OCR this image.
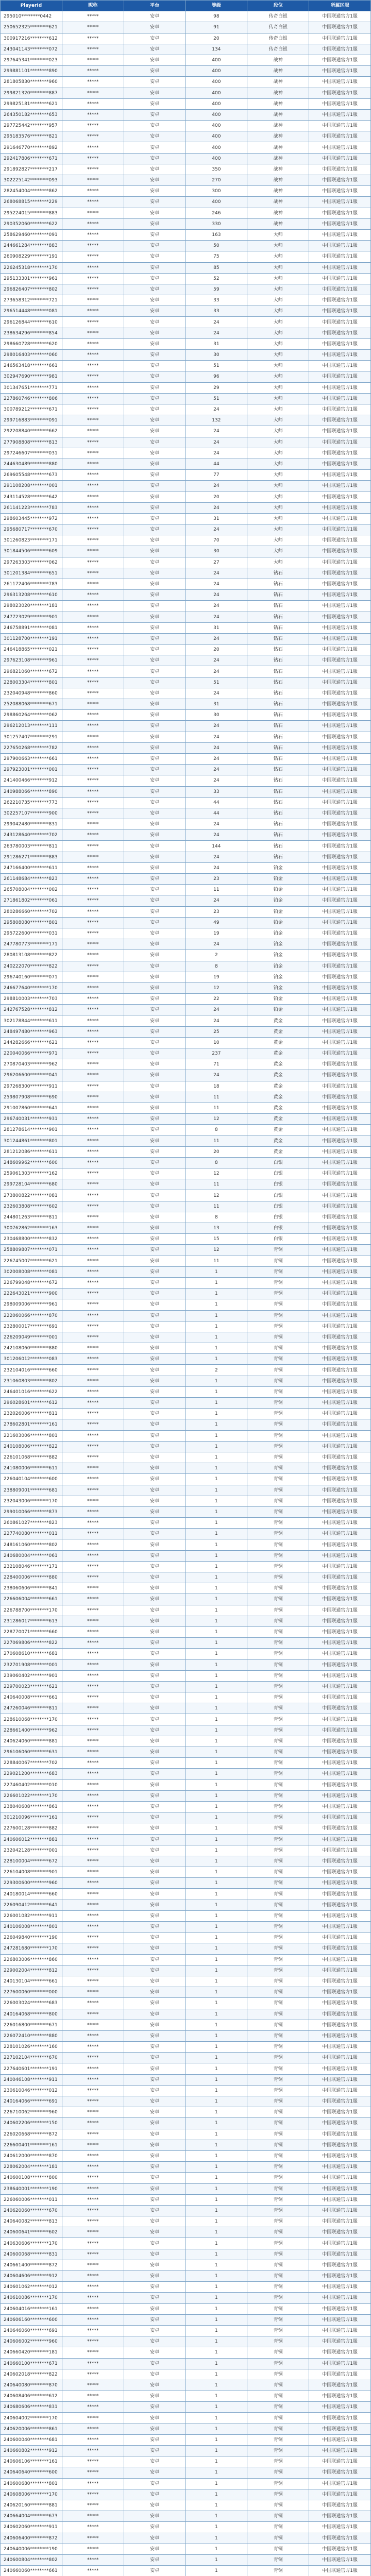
PlayerId	昵称	平台	等级	段位	所属区服
295010********0442	*****	安卓	98	传奇白银	中国联通官方1服
250652325********621	*****	安卓	91	传奇白银	中国联通官方1服
300917216********612	*****	安卓	20	传奇白银	中国联通官方1服
243041143********072	*****	安卓	134	传奇白银	中国联通官方1服
297645341********023	*****	安卓	400	战神	中国联通官方1服
299881101********890	*****	安卓	400	战神	中国联通官方1服
281805830********960	*****	安卓	400	战神	中国联通官方1服
299821320********887	*****	安卓	400	战神	中国联通官方1服
299825181********621	*****	安卓	400	战神	中国联通官方1服
264350182********653	*****	安卓	400	战神	中国联通官方1服
297725442********957	*****	安卓	400	战神	中国联通官方1服
295183576********821	*****	安卓	400	战神	中国联通官方1服
291646770********892	*****	安卓	400	战神	中国联通官方1服
292417806********671	*****	安卓	400	战神	中国联通官方1服
291892827********217	*****	安卓	350	战神	中国联通官方1服
302225142********093	*****	安卓	270	战神	中国联通官方1服
282454004********862	*****	安卓	300	战神	中国联通官方1服
268068815********229	*****	安卓	400	战神	中国联通官方1服
295224015********883	*****	安卓	246	战神	中国联通官方1服
290352060********622	*****	安卓	330	战神	中国联通官方1服
258629460********091	*****	安卓	163	大师	中国联通官方1服
244661284********883	*****	安卓	50	大师	中国联通官方1服
260908229********191	*****	安卓	75	大师	中国联通官方1服
226245318********170	*****	安卓	85	大师	中国联通官方1服
295133301********961	*****	安卓	52	大师	中国联通官方1服
296826407********802	*****	安卓	59	大师	中国联通官方1服
273658312********721	*****	安卓	33	大师	中国联通官方1服
296514448********081	*****	安卓	33	大师	中国联通官方1服
296126844********610	*****	安卓	24	大师	中国联通官方1服
238634296********854	*****	安卓	24	大师	中国联通官方1服
298660728********620	*****	安卓	31	大师	中国联通官方1服
298016403********060	*****	安卓	30	大师	中国联通官方1服
246563418********661	*****	安卓	51	大师	中国联通官方1服
302947690********981	*****	安卓	96	大师	中国联通官方1服
301347651********771	*****	安卓	29	大师	中国联通官方1服
227860746********806	*****	安卓	51	大师	中国联通官方1服
300789212********671	*****	安卓	24	大师	中国联通官方1服
299716883********091	*****	安卓	132	大师	中国联通官方1服
292208840********662	*****	安卓	24	大师	中国联通官方1服
277908808********813	*****	安卓	24	大师	中国联通官方1服
297246607********031	*****	安卓	24	大师	中国联通官方1服
244630489********880	*****	安卓	44	大师	中国联通官方1服
269605548********673	*****	安卓	77	大师	中国联通官方1服
291108208********001	*****	安卓	24	大师	中国联通官方1服
243114528********642	*****	安卓	20	大师	中国联通官方1服
261141223********783	*****	安卓	24	大师	中国联通官方1服
298603445********972	*****	安卓	31	大师	中国联通官方1服
295680717********670	*****	安卓	24	大师	中国联通官方1服
301260823********171	*****	安卓	70	大师	中国联通官方1服
301844506********609	*****	安卓	30	大师	中国联通官方1服
297263303********062	*****	安卓	27	大师	中国联通官方1服
301201384********651	*****	安卓	24	钻石	中国联通官方1服
261172406********783	*****	安卓	24	钻石	中国联通官方1服
296313208********610	*****	安卓	24	钻石	中国联通官方1服
298023020********181	*****	安卓	24	钻石	中国联通官方1服
247723029********901	*****	安卓	24	钻石	中国联通官方1服
246758891********081	*****	安卓	31	钻石	中国联通官方1服
301128700********191	*****	安卓	24	钻石	中国联通官方1服
246418865********021	*****	安卓	20	钻石	中国联通官方1服
297623108********961	*****	安卓	24	钻石	中国联通官方1服
296821060********672	*****	安卓	24	钻石	中国联通官方1服
228003304********801	*****	安卓	51	钻石	中国联通官方1服
232040948********860	*****	安卓	24	钻石	中国联通官方1服
252088068********671	*****	安卓	31	钻石	中国联通官方1服
298860264********062	*****	安卓	30	钻石	中国联通官方1服
296212013********111	*****	安卓	24	钻石	中国联通官方1服
301257407********291	*****	安卓	24	钻石	中国联通官方1服
227650268********782	*****	安卓	24	钻石	中国联通官方1服
297900663********661	*****	安卓	24	钻石	中国联通官方1服
297923001********001	*****	安卓	24	钻石	中国联通官方1服
241400466********912	*****	安卓	24	钻石	中国联通官方1服
240988066********890	*****	安卓	33	钻石	中国联通官方1服
262210735********773	*****	安卓	44	钻石	中国联通官方1服
302257107********900	*****	安卓	44	钻石	中国联通官方1服
299042480********831	*****	安卓	24	钻石	中国联通官方1服
243128640********702	*****	安卓	24	钻石	中国联通官方1服
263780003********811	*****	安卓	144	钻石	中国联通官方1服
291286271********883	*****	安卓	24	钻石	中国联通官方1服
247166400********611	*****	安卓	24	铂金	中国联通官方1服
261148684********823	*****	安卓	23	铂金	中国联通官方1服
265708004********002	*****	安卓	11	铂金	中国联通官方1服
271861802********061	*****	安卓	24	铂金	中国联通官方1服
280286660********702	*****	安卓	23	铂金	中国联通官方1服
295808080********801	*****	安卓	49	铂金	中国联通官方1服
295722600********031	*****	安卓	19	铂金	中国联通官方1服
247780773********171	*****	安卓	24	铂金	中国联通官方1服
280813108********822	*****	安卓	2	铂金	中国联通官方1服
240222070********822	*****	安卓	8	铂金	中国联通官方1服
296740160********071	*****	安卓	19	铂金	中国联通官方1服
246677640********170	*****	安卓	12	铂金	中国联通官方1服
298810003********703	*****	安卓	22	铂金	中国联通官方1服
242767528********812	*****	安卓	24	铂金	中国联通官方1服
302178844********611	*****	安卓	24	黄金	中国联通官方1服
248497480********963	*****	安卓	25	黄金	中国联通官方1服
244282666********621	*****	安卓	10	黄金	中国联通官方1服
220040066********971	*****	安卓	237	黄金	中国联通官方1服
270870403********962	*****	安卓	71	黄金	中国联通官方1服
296206600********041	*****	安卓	24	黄金	中国联通官方1服
297268300********911	*****	安卓	18	黄金	中国联通官方1服
259807908********690	*****	安卓	11	黄金	中国联通官方1服
291007860********641	*****	安卓	11	黄金	中国联通官方1服
296740031********931	*****	安卓	12	黄金	中国联通官方1服
281278614********901	*****	安卓	8	黄金	中国联通官方1服
301244861********801	*****	安卓	11	黄金	中国联通官方1服
281212086********611	*****	安卓	20	黄金	中国联通官方1服
248609962********600	*****	安卓	8	白银	中国联通官方1服
259061303********162	*****	安卓	12	白银	中国联通官方1服
299728104********680	*****	安卓	11	白银	中国联通官方1服
273800822********081	*****	安卓	12	白银	中国联通官方1服
232603808********602	*****	安卓	11	白银	中国联通官方1服
244801263********811	*****	安卓	8	白银	中国联通官方1服
300762862********163	*****	安卓	13	白银	中国联通官方1服
230468800********832	*****	安卓	15	白银	中国联通官方1服
258809807********071	*****	安卓	12	青铜	中国联通官方1服
226745007********621	*****	安卓	11	青铜	中国联通官方1服
302008008********081	*****	安卓	1	青铜	中国联通官方1服
226799048********672	*****	安卓	1	青铜	中国联通官方1服
222643021********900	*****	安卓	1	青铜	中国联通官方1服
298009006********961	*****	安卓	1	青铜	中国联通官方1服
222060066********870	*****	安卓	1	青铜	中国联通官方1服
232800017********691	*****	安卓	1	青铜	中国联通官方1服
226209049********001	*****	安卓	1	青铜	中国联通官方1服
242108060********880	*****	安卓	1	青铜	中国联通官方1服
301206012********083	*****	安卓	1	青铜	中国联通官方1服
232104016********660	*****	安卓	2	青铜	中国联通官方1服
231060803********802	*****	安卓	1	青铜	中国联通官方1服
246401016********622	*****	安卓	1	青铜	中国联通官方1服
296028601********612	*****	安卓	1	青铜	中国联通官方1服
232026006********811	*****	安卓	1	青铜	中国联通官方1服
278602801********161	*****	安卓	1	青铜	中国联通官方1服
221603006********801	*****	安卓	1	青铜	中国联通官方1服
240108006********822	*****	安卓	1	青铜	中国联通官方1服
226101068********882	*****	安卓	1	青铜	中国联通官方1服
241080006********611	*****	安卓	1	青铜	中国联通官方1服
226040104********600	*****	安卓	1	青铜	中国联通官方1服
238809001********681	*****	安卓	1	青铜	中国联通官方1服
232043006********170	*****	安卓	1	青铜	中国联通官方1服
299010066********873	*****	安卓	1	青铜	中国联通官方1服
260861027********823	*****	安卓	1	青铜	中国联通官方1服
227740080********011	*****	安卓	1	青铜	中国联通官方1服
248161060********802	*****	安卓	1	青铜	中国联通官方1服
240680004********061	*****	安卓	1	青铜	中国联通官方1服
232108046********171	*****	安卓	1	青铜	中国联通官方1服
228400006********880	*****	安卓	1	青铜	中国联通官方1服
238060606********841	*****	安卓	1	青铜	中国联通官方1服
226606004********661	*****	安卓	1	青铜	中国联通官方1服
226788700********170	*****	安卓	1	青铜	中国联通官方1服
231286017********613	*****	安卓	1	青铜	中国联通官方1服
228770071********660	*****	安卓	1	青铜	中国联通官方1服
227069806********822	*****	安卓	1	青铜	中国联通官方1服
270608610********681	*****	安卓	1	青铜	中国联通官方1服
232701908********001	*****	安卓	1	青铜	中国联通官方1服
239060402********901	*****	安卓	1	青铜	中国联通官方1服
229700023********621	*****	安卓	1	青铜	中国联通官方1服
240640008********661	*****	安卓	1	青铜	中国联通官方1服
247260046********811	*****	安卓	1	青铜	中国联通官方1服
228610068********170	*****	安卓	1	青铜	中国联通官方1服
228661400********962	*****	安卓	1	青铜	中国联通官方1服
240624060********881	*****	安卓	1	青铜	中国联通官方1服
296106060********631	*****	安卓	1	青铜	中国联通官方1服
228840067********702	*****	安卓	1	青铜	中国联通官方1服
229021200********683	*****	安卓	1	青铜	中国联通官方1服
227460402********010	*****	安卓	1	青铜	中国联通官方1服
226601022********170	*****	安卓	1	青铜	中国联通官方1服
238040608********861	*****	安卓	1	青铜	中国联通官方1服
301210096********161	*****	安卓	1	青铜	中国联通官方1服
227600128********882	*****	安卓	1	青铜	中国联通官方1服
240606012********881	*****	安卓	1	青铜	中国联通官方1服
232042128********001	*****	安卓	1	青铜	中国联通官方1服
228100004********672	*****	安卓	1	青铜	中国联通官方1服
226104008********901	*****	安卓	1	青铜	中国联通官方1服
229300600********960	*****	安卓	1	青铜	中国联通官方1服
240180014********660	*****	安卓	1	青铜	中国联通官方1服
226090412********641	*****	安卓	1	青铜	中国联通官方1服
226001082********911	*****	安卓	1	青铜	中国联通官方1服
240106008********801	*****	安卓	1	青铜	中国联通官方1服
226049840********190	*****	安卓	1	青铜	中国联通官方1服
247281680********170	*****	安卓	1	青铜	中国联通官方1服
226803006********860	*****	安卓	1	青铜	中国联通官方1服
229002004********812	*****	安卓	1	青铜	中国联通官方1服
240130104********661	*****	安卓	1	青铜	中国联通官方1服
227600060********000	*****	安卓	1	青铜	中国联通官方1服
226003024********683	*****	安卓	1	青铜	中国联通官方1服
240164068********800	*****	安卓	1	青铜	中国联通官方1服
226016800********671	*****	安卓	1	青铜	中国联通官方1服
226072410********880	*****	安卓	1	青铜	中国联通官方1服
228101026********160	*****	安卓	1	青铜	中国联通官方1服
227102104********670	*****	安卓	1	青铜	中国联通官方1服
227640601********191	*****	安卓	1	青铜	中国联通官方1服
240046108********911	*****	安卓	1	青铜	中国联通官方1服
230610046********012	*****	安卓	1	青铜	中国联通官方1服
240164066********691	*****	安卓	1	青铜	中国联通官方1服
226710062********960	*****	安卓	1	青铜	中国联通官方1服
240602206********150	*****	安卓	1	青铜	中国联通官方1服
226020668********872	*****	安卓	1	青铜	中国联通官方1服
226600401********161	*****	安卓	1	青铜	中国联通官方1服
240612000********870	*****	安卓	1	青铜	中国联通官方1服
228062004********181	*****	安卓	1	青铜	中国联通官方1服
240600108********800	*****	安卓	1	青铜	中国联通官方1服
238640001********190	*****	安卓	1	青铜	中国联通官方1服
226060006********011	*****	安卓	1	青铜	中国联通官方1服
240620060********670	*****	安卓	1	青铜	中国联通官方1服
240640082********813	*****	安卓	1	青铜	中国联通官方1服
240600641********602	*****	安卓	1	青铜	中国联通官方1服
240630606********170	*****	安卓	1	青铜	中国联通官方1服
240600068********831	*****	安卓	1	青铜	中国联通官方1服
240661400********872	*****	安卓	1	青铜	中国联通官方1服
240604606********912	*****	安卓	1	青铜	中国联通官方1服
240601062********012	*****	安卓	1	青铜	中国联通官方1服
240610086********170	*****	安卓	1	青铜	中国联通官方1服
240604016********161	*****	安卓	1	青铜	中国联通官方1服
240606160********600	*****	安卓	1	青铜	中国联通官方1服
240646060********691	*****	安卓	1	青铜	中国联通官方1服
240606002********960	*****	安卓	1	青铜	中国联通官方1服
240660420********181	*****	安卓	1	青铜	中国联通官方1服
240660100********671	*****	安卓	1	青铜	中国联通官方1服
240602018********822	*****	安卓	1	青铜	中国联通官方1服
240640080********870	*****	安卓	1	青铜	中国联通官方1服
240608406********612	*****	安卓	1	青铜	中国联通官方1服
240680606********831	*****	安卓	1	青铜	中国联通官方1服
240604002********170	*****	安卓	1	青铜	中国联通官方1服
240620006********861	*****	安卓	1	青铜	中国联通官方1服
240600040********681	*****	安卓	1	青铜	中国联通官方1服
240660802********912	*****	安卓	1	青铜	中国联通官方1服
240606106********161	*****	安卓	1	青铜	中国联通官方1服
240640640********600	*****	安卓	1	青铜	中国联通官方1服
240600680********801	*****	安卓	1	青铜	中国联通官方1服
240608006********170	*****	安卓	1	青铜	中国联通官方1服
240620160********881	*****	安卓	1	青铜	中国联通官方1服
240664004********673	*****	安卓	1	青铜	中国联通官方1服
240602060********911	*****	安卓	1	青铜	中国联通官方1服
240606400********872	*****	安卓	1	青铜	中国联通官方1服
240640006********190	*****	安卓	1	青铜	中国联通官方1服
240600804********802	*****	安卓	1	青铜	中国联通官方1服
240660060********661	*****	安卓	1	青铜	中国联通官方1服
